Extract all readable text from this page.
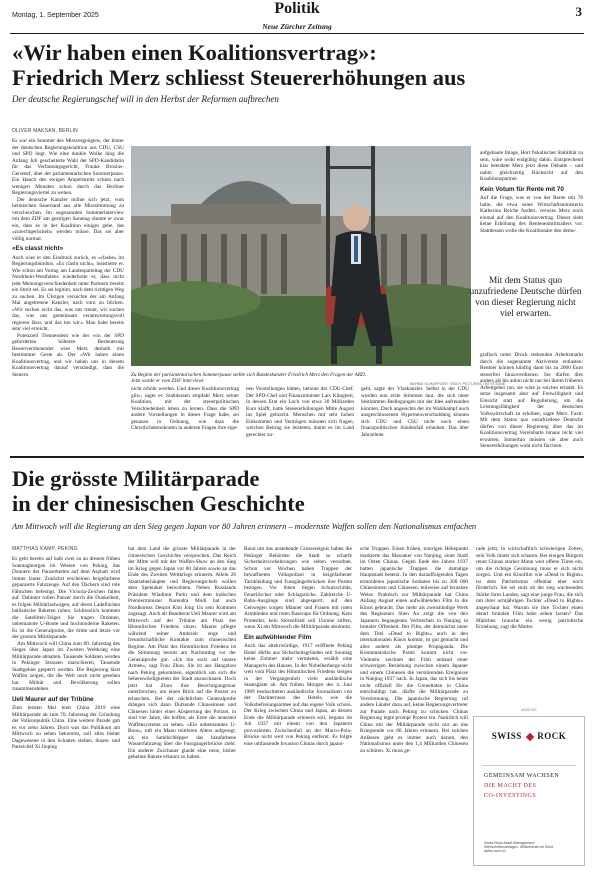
Montag, 1. September 2025	Politik
Neue Zürcher Zeitung
3
«Wir haben einen Koalitionsvertrag»:
Friedrich Merz schliesst Steuererhöhungen aus
Der deutsche Regierungschef will in den Herbst der Reformen aufbrechen
OLIVER MAKSAN, BERLIN

Es war ein Sommer des Missvergnügens, der hinter der deutschen Regierungskoalition aus CDU, CSU und SPD liegt. Wie eine dunkle Wolke hing die Anfang Juli gescheiterte Wahl der SPD-Kandidatin für das Verfassungsgericht, Frauke Brosius-Gersdorf, über der parlamentarischen Sommerpause. Ein Hauch des ewigen Ampelstreits schien nach wenigen Monaten schon durch das Berliner Regierungsviertel zu wehen.

Der deutsche Kanzler mühte sich jetzt, vom heimischen Sauerland aus alle Missstimmung zu verscheuchen. Im sogenannten Sommerinterview mit dem ZDF am gestrigen Sonntag räumte er zwar ein, dass es in der Koalition einiges gebe, das «zurechtgerückelt» werden müsse. Das sei aber völlig normal.

«Es classt nicht»

Auch wies er den Eindruck zurück, es «clashe» im Regierungsbündnis. «Es clasht nicht», insistierte er. Wie schon am Vortag am Landesparteitag der CDU Nordrhein-Westfalens wiederholte er, dass nicht jede Meinungsverschiedenheit unter Partnern bereits ein Streit sei. Es sei legitim, nach dem richtigen Weg zu suchen. Im Übrigen versuchte der am Anfang Mai angetretene Kanzler, nach vorn zu blicken. «Wir suchen nicht das, was uns trennt, wir suchen das, was uns gemeinsam verantwortungsvoll regieren lässt, und das tun wir.» Man habe bereits sehr viel erreicht.

Potenziell Trennendem wie der von der SPD geforderten höheren Besteuerung Besserverdienender wies Merz deshalb mit bestimmter Geste ab. Der «Wir haben einen Koalitionsvertrag, und wir haben uns in diesem Koalitionsvertrag darauf verständigt, dass die Steuern	Zu Beginn der parlamentarischen Sommerpause stellte sich Bundeskanzler Friedrich Merz den Fragen der ARD. Jetzt wurde er vom ZDF interviewt.	BERND SCHAFFGER / EDDY PICTURES / KEYSTONE

nicht erhöht werden. Und dieser Koalitionsvertrag gilt», sagte er. Stattdessen empfahl Merz seiner Koalition, mit der steuerpolitischen Verschiedenheit leben zu lernen. Dass die SPD andere Vorstellungen in dieser Frage habe, sei genauso in Ordnung, wie dass die Christlichdemokraten in anderen Fragen ihre eige-

nen Vorstellungen hätten, betonte der CDU-Chef. Der SPD-Chef und Finanzminister Lars Klingbeil, in dessen Etat ein Loch von etwa 30 Milliarden Euro klafft, hatte Steuererhöhungen Mitte August ins Spiel gebracht. Menschen mit sehr hohen Einkommen und Vermögen müssten sich fragen, welchen Beitrag sie leisteten, damit es im Land gerechter zu-

geht, sagte der Vizekanzler. Selbst in der CDU wurden nun erste Stimmen laut, die sich unter bestimmten Bedingungen mit der Idee anfreunden könnten. Doch angesichts der im Wahlkampf noch ausgeschlossenen Hyperneuverschuldung können sich CDU und CSU nicht noch einen finanzpolitischen Sündenfall erlauben. Das über Jahrzehnte

aufgebaute Image, Hort fiskalischer Stabilität zu sein, wäre wohl endgültig dahin. Entsprechend klar beendete Merz jetzt diese Debatte – und nahm gleichzeitig Rücksicht auf den Koalitionspartner.

Kein Votum für Rente mit 70

Auf die Frage, was er von der Rente mit 70 halte, die etwa seine Wirtschaftsministerin Katherina Reiche fordert, verwies Merz noch einmal auf den Koalitionsvertrag. Dieser sieht keine Erhöhung des Renteneintrittsalters vor. Stattdessen wolle die Koalitionäre den demo-

Mit dem Status quo unzufriedene Deutsche dürfen von dieser Regierung nicht viel erwarten.

grafisch unter Druck stehenden Arbeitsmarkt durch die sogenannte Aktivrente entlasten: Rentner können künftig dann bis zu 2000 Euro steuerfrei hinzuverdienen. Sie dürfen dies anders als bis anhin nicht nur bei ihrem früheren Arbeitgeber tun, sie wäre ja solches erlaubt. Es setze insgesamt aber auf Freiwilligkeit und Einsicht statt auf Regulierung, um die Leistungsfähigkeit der deutschen Volkswirtschaft zu erhöhen, sagte Merz. Fazit: Mit dem Status quo unzufriedene Deutsche dürfen von dieser Regierung über das im Koalitionsvertrag Vereinbarte hinaus nicht viel erwarten. Immerhin müssen sie aber auch Steuererhöhungen wohl nicht fürchten.

Die grösste Militärparade
in der chinesischen Geschichte
Am Mittwoch will die Regierung an den Sieg gegen Japan vor 80 Jahren erinnern – modernste Waffen sollen den Nationalismus entfachen
MATTHIAS KAMP, PEKING

Es geht bereits auf halb zwei zu an diesem frühen Sonntagmorgen im Westen von Peking, das Donnern der Panzerketten auf dem Asphalt wird immer lauter. Zunächst erscheinen beigefarbene gepanzerte Fahrzeuge. Auf den Dächern sind rote Fähnchen befestigt. Die Victoria-Zeichen fallen auf. Dahinter rollen Panzer durch die Dunkelheit, es folgen Militärlastwagen, auf deren Ladeflächen ballistische Raketen ruhen. Schliesslich kommen die Satelliten-Träger. Sie tragen Drohnen, unbemannte U-Boote und hochmoderne Raketen. Es ist die Generalprobe, die dritte und letzte vor der grossen Militärparade.

Am Mittwoch will China zum 80. Jahrestag des Sieges über Japan im Zweiten Weltkrieg eine Militärparade abhalten. Tausende Soldaten werden in Pekinger Strassen marschieren, Tausende Stadtgebiet gesperrt werden. Die Regierung lässt Waffen zeigen, die die Welt noch nicht gesehen hat. Militär und Bevölkerung sollen zusammenstehen.

Ueli Maurer auf der Tribüne

Zum letzten Mal hielt China 2019 eine Militärparade ab zum 70. Jahrestag der Gründung der Volksrepublik China. Eine weitere Parade gab es vor zehn Jahren. Doch was das Publikum am Mittwoch zu sehen bekommt, soll alles bisher Dagewesene in den Schatten stellen. Staats- und Parteichef Xi Jinping

hat dem Land die grösste Militärparade in der chinesischen Geschichte versprochen. Das Reich der Mitte will mit der Waffen-Show an den Sieg im Krieg gegen Japan vor 80 Jahren sowie an das Ende des Zweiten Weltkriegs erinnern. Allein 26 Staatsoberhäupter und Regierungschefs wollen dem Spektakel beiwohnen. Neben Russlands Präsident Wladimir Putin und dem indischen Premierminister Narendra Modi hat auch Nordkoreas Despot Kim Jong Un sein Kommen zugesagt. Auch alt Bundesrat Ueli Maurer wird am Mittwoch auf der Tribüne am Platz des Himmlischen Friedens sitzen. Maurer pflegte während seiner Amtszeit enge und freundschaftliche Kontakte zum chinesischen Regime. Am Platz des Himmlischen Friedens ist die Stimmung bereits am Nachmittag vor der Generalprobe gut. «Ich bin stolz auf unsere Armee», sagt Frau Zhou. Sie ist aus Hangzhou nach Peking gekommen, eigentlich um sich die Sehenswürdigkeiten der Stadt anzuschauen. Doch jetzt hat Zhou ihre Besichtigungstour unterbrochen, um einen Blick auf die Panzer zu erhaschen. Bei der nächtlichen Generalprobe drängen sich dann Dutzende Chinesinnen und Chinesen hinter einer Absperrung der Polizei, in sind vier Jahre, die hoffen, als Erste die neuesten Waffensysteme zu sehen. «Ein unbemanntes U-Boot», ruft ein Mann mittleren Alters aufgeregt, als ein Sattelschlepper das blaufarbene Wasserfahrzeug über die Fussgängerbrücke zieht. Ein anderer Zuschauer glaubt eine neue, bisher geheime Rakete erkannt zu haben.

Rund um das anstehende Grossereignis haben die Pekinger Behörden die Stadt so scharfe Sicherheitsvorkehrungen wie selten verordnet. Schon vor Wochen haben Truppen der bewaffneten Volkspolizei in beigefarbener Tarnkleidung und Fussgängerbrücken ihre Posten bezogen. Vor ihnen liegen Schutzschilde, Feuerlöscher oder Schlagstöcke. Zahlreiche U-Bahn-Ausgänge sind abgesperrt, auf den Gehwegen sorgen Männer und Frauen mit roten Armbinden und roten Basecaps für Ordnung. Kein Protestler, kein Störenfried soll Unruhe stiften, wenn Xi am Mittwoch die Militärparade abnimmt.

Ein aufwühlender Film

Auch das altehrwürdige, 1917 eröffnete Peking Hotel dürfte aus Sicherheitsgründen seit Sonntag keine Zimmer mehr vermieten, erzählt eine Managerin des Hauses. In der Nobelherberge nicht weit vom Platz des Himmlischen Friedens steigen in der Vergangenheit viele ausländische Staatsgäste ab. Am frühen Morgen des 4. Juni 1989 beobachteten ausländische Journalisten von der Dachterrasse des Hotels, wie die Volksbefreiungsarmee auf das eigene Volk schoss. Der Krieg zwischen China und Japan, an dessen Ende die Militärparade erinnern soll, begann im Juli 1937 mit einem von den Japanern provozierten Zwischenfall an der Marco-Polo-Brücke nicht weit von Peking entfernt. Es folgte eine umfassende Invasion Chinas durch japani-

sche Truppen. Einen frühen, traurigen Höhepunkt markierte das Massaker von Nanjing, einer Stadt im Osten Chinas. Gegen Ende des Jahres 1937 hatten japanische Truppen die damalige Hauptstadt besetzt. In den darauffolgenden Tagen ermordeten japanische Soldaten bis zu 300 000 Chinesinnen und Chinesen, teilweise auf brutalste Weise. Praktisch zur Militärparade hat China Anfang August einen aufwühlenden Film in die Kinos gebracht. Das mehr als zweistündige Werk des Regisseurs Shen Ao zeigt die von den Japanern begangenen Verbrechen in Nanjing in brutaler Offenheit. Der Film, der demnächst unter dem Titel «Dead to Rights» auch in den internationalen Kinos kommt, ist gut gemacht und alles andere als plumpe Propaganda. Die Kommunistische Partei kommt nicht vor. Vielmehr zeichnet der Film anhand einer schwierigen Beziehung zwischen einem Japaner und einem Chinesen die verstörenden Ereignisse in Nanjing 1937 nach. In Japan, das sich bis heute nicht offiziell für die Greueltaten in China entschuldigt hat, dürfte die Militärparade zu Verstimmung. Die japanische Regierung ruf andere Länder dazu auf, keine Regierungsvertreter zur Parade nach Peking zu schicken. Chinas Regierung legte prompt Protest ein. Natürlich will China mit der Militärparade nicht nur an das Kriegsende vor 80 Jahren erinnern. Bei solchen Anlässen geht es immer auch darum, den Nationalismus unter den 1,4 Milliarden Chinesen zu schüren. Xi muss ge-

rade jetzt, in wirtschaftlich schwierigen Zeiten, sein Volk hinter sich scharen. Bei einigen Bürgern rennt Chinas starker Mann weit offene Türen ein, um die richtige Gesinnung muss er sich nicht sorgen. Und ein Kinofilm wie «Dead to Rights» ist dem Patriotismus offenbar eher noch förderlich. Sie sei stolz ob der sieg wachsenden Stärke ihres Landes, sagt eine junge Frau, die sich mit ihrer achtjährigen Tochter «Dead to Rights» angeschaut hat. Warum sie ihre Tochter einen derart brutalen Film habe sehen lassen? Das Mädchen brauche ein wenig patriotische Erziehung, sagt die Mutter.

ANZEIGE
SWISS ROCK
GEMEINSAM WACHSEN
DIE MACHT DES
CO-INVESTINGS
Swiss Rock Asset Management
Wertschriftenanlagen. Willkommen im Bord.
swiss-rock.ch
